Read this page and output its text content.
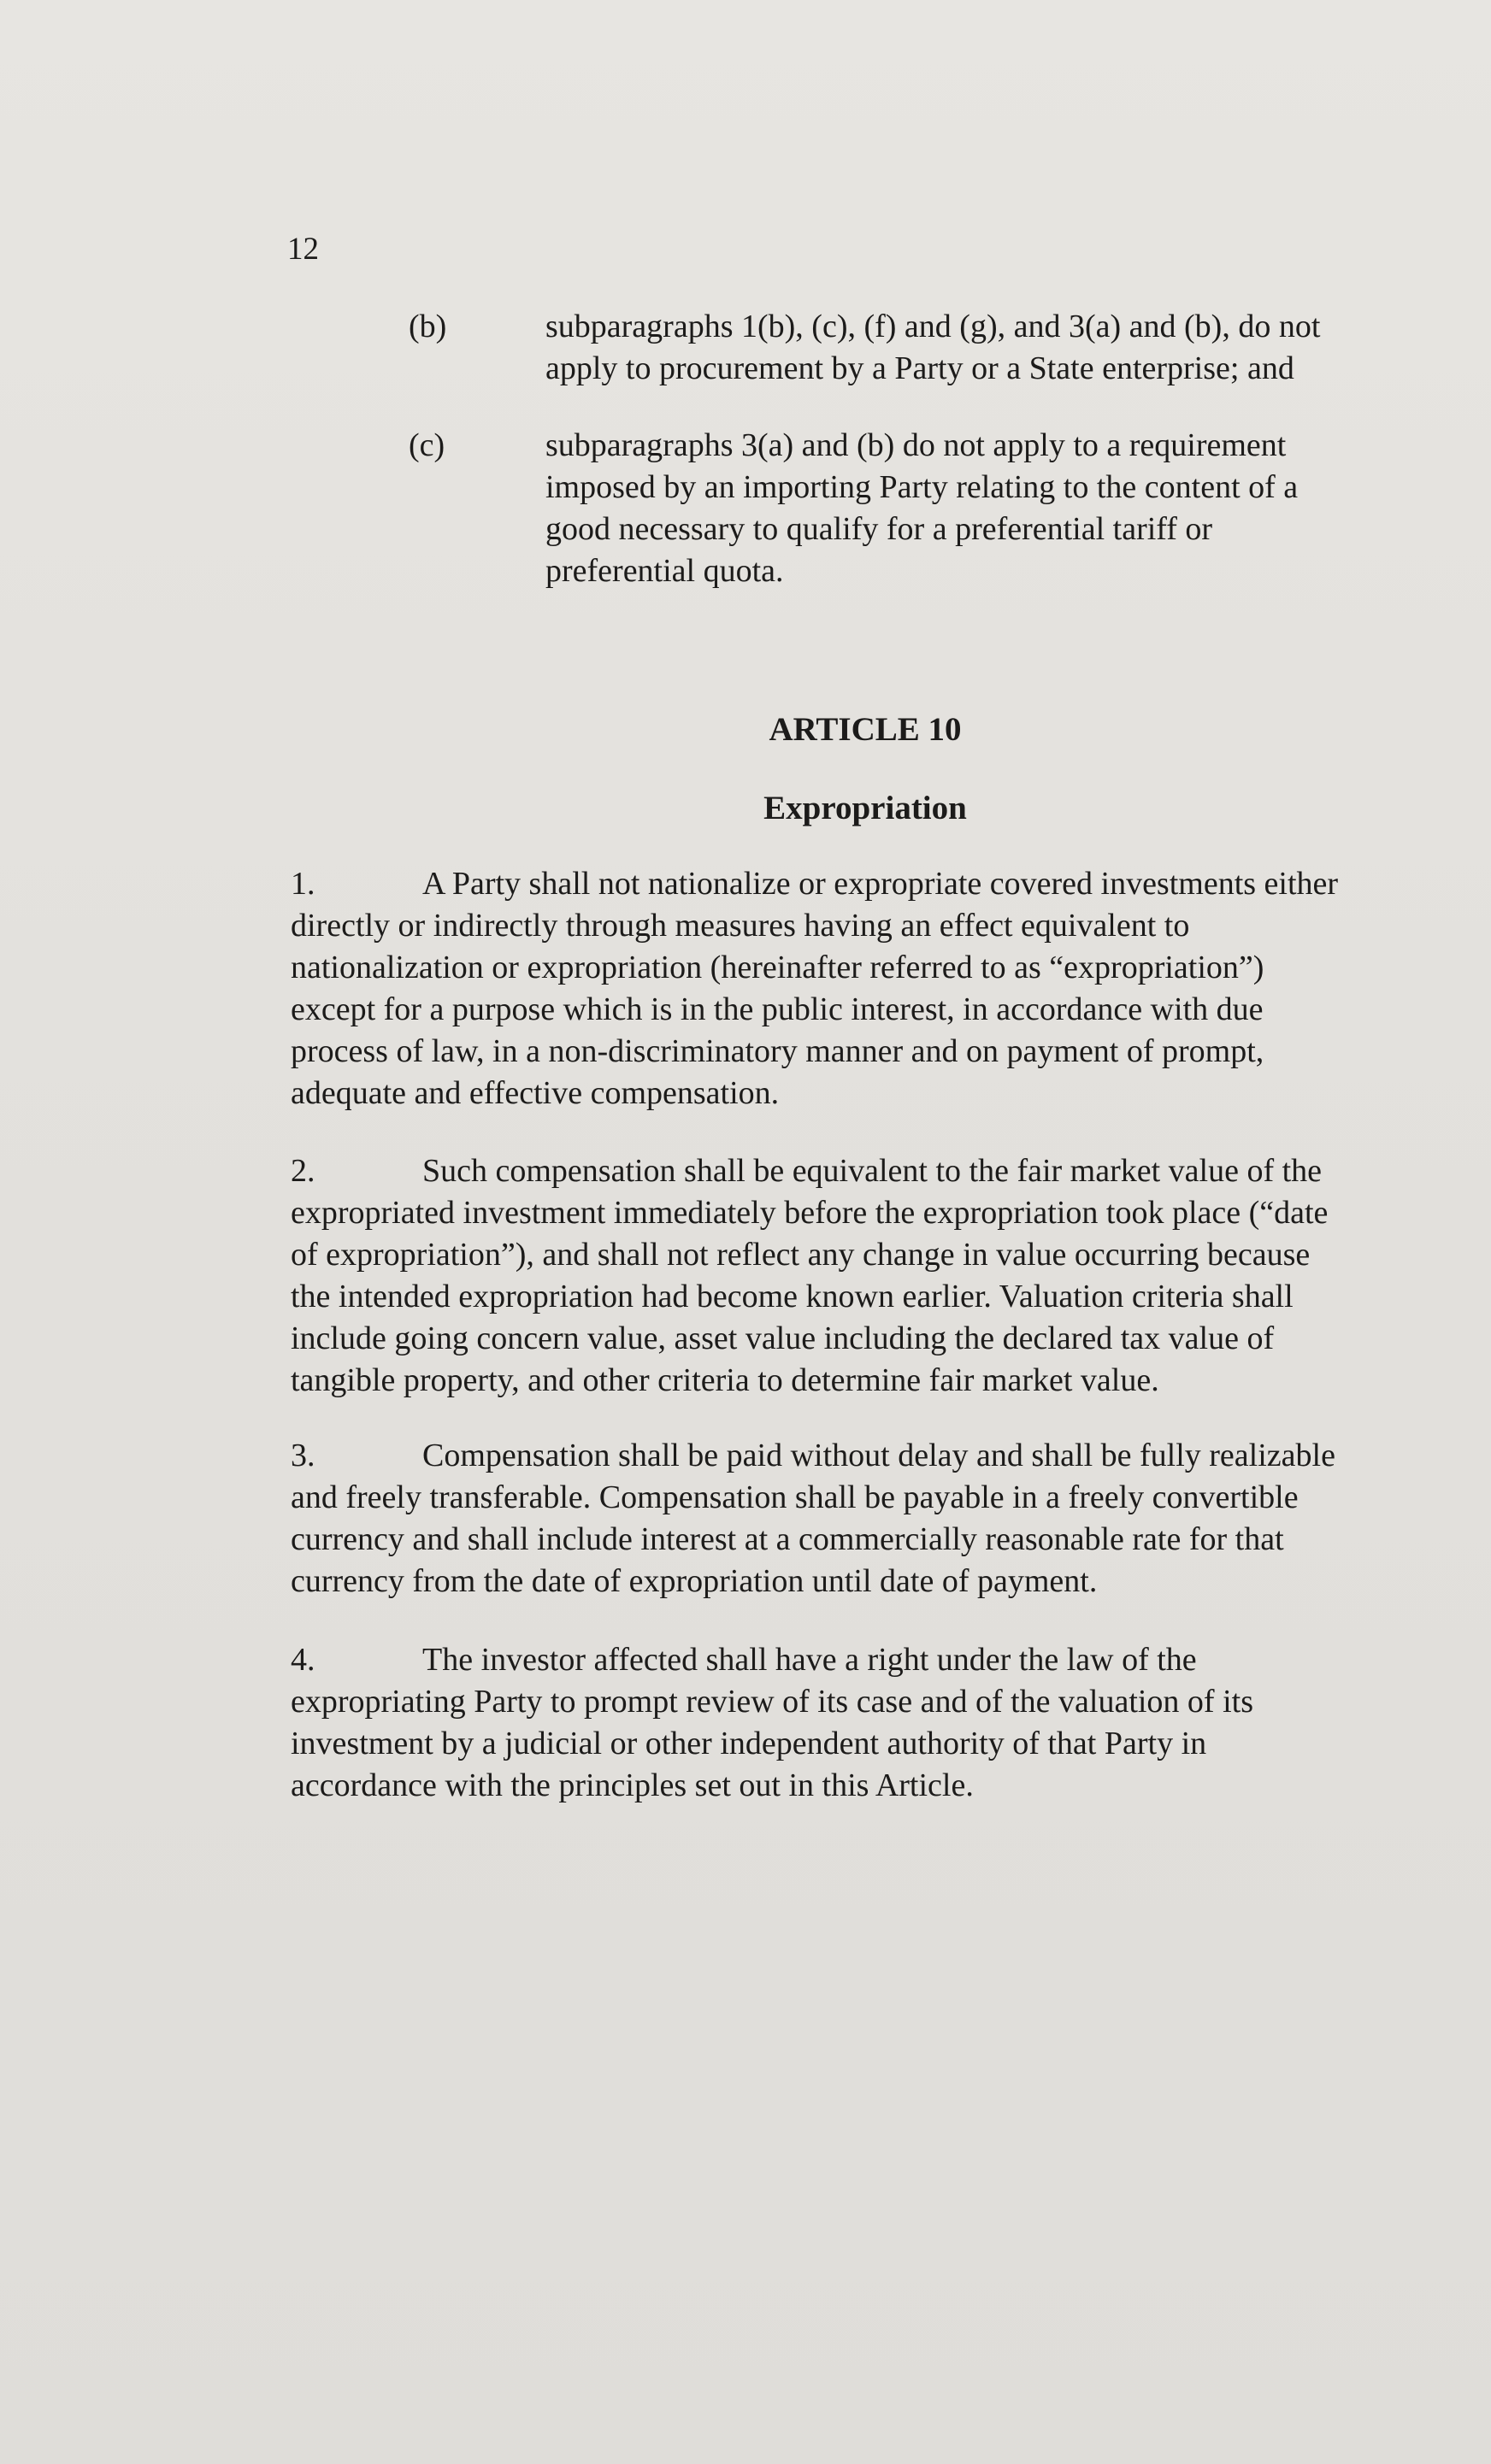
12
(b)	subparagraphs 1(b), (c), (f) and (g), and 3(a) and (b), do not
apply to procurement by a Party or a State enterprise; and
(c)	subparagraphs 3(a) and (b) do not apply to a requirement
imposed by an importing Party relating to the content of a
good necessary to qualify for a preferential tariff or
preferential quota.
ARTICLE 10
Expropriation
1.	A Party shall not nationalize or expropriate covered investments either
directly or indirectly through measures having an effect equivalent to
nationalization or expropriation (hereinafter referred to as “expropriation”)
except for a purpose which is in the public interest, in accordance with due
process of law, in a non-discriminatory manner and on payment of prompt,
adequate and effective compensation.
2.	Such compensation shall be equivalent to the fair market value of the
expropriated investment immediately before the expropriation took place (“date
of expropriation”), and shall not reflect any change in value occurring because
the intended expropriation had become known earlier. Valuation criteria shall
include going concern value, asset value including the declared tax value of
tangible property, and other criteria to determine fair market value.
3.	Compensation shall be paid without delay and shall be fully realizable
and freely transferable. Compensation shall be payable in a freely convertible
currency and shall include interest at a commercially reasonable rate for that
currency from the date of expropriation until date of payment.
4.	The investor affected shall have a right under the law of the
expropriating Party to prompt review of its case and of the valuation of its
investment by a judicial or other independent authority of that Party in
accordance with the principles set out in this Article.
